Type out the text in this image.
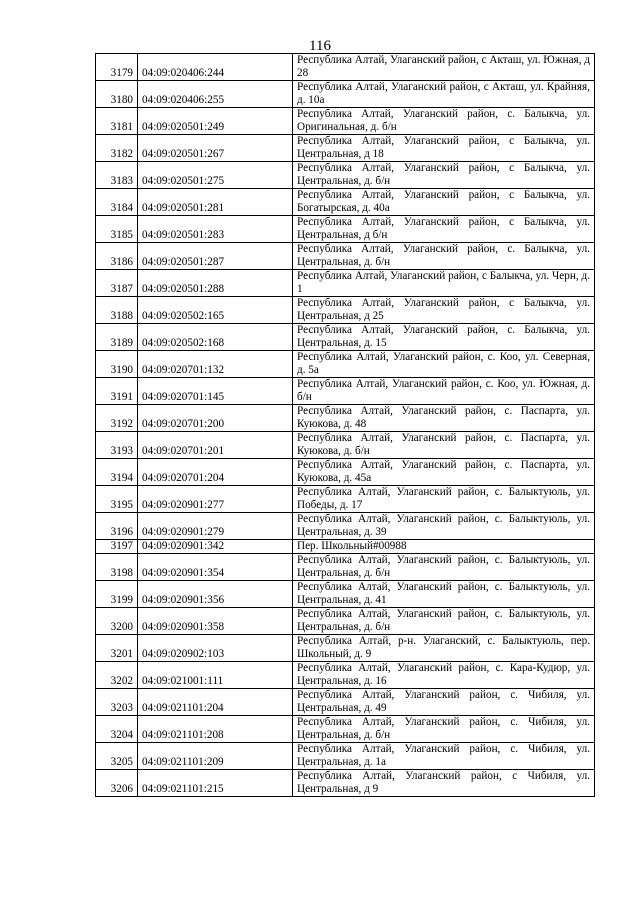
116
3179	04:09:020406:244	Республика Алтай, Улаганский район, с Акташ, ул. Южная, д 28
3180	04:09:020406:255	Республика Алтай, Улаганский район, с Акташ, ул. Крайняя, д. 10а
3181	04:09:020501:249	Республика Алтай, Улаганский район, с. Балыкча, ул. Оригинальная, д. б/н
3182	04:09:020501:267	Республика Алтай, Улаганский район, с Балыкча, ул. Центральная, д 18
3183	04:09:020501:275	Республика Алтай, Улаганский район, с Балыкча, ул. Центральная, д. б/н
3184	04:09:020501:281	Республика Алтай, Улаганский район, с Балыкча, ул. Богатырская, д. 40а
3185	04:09:020501:283	Республика Алтай, Улаганский район, с Балыкча, ул. Центральная, д б/н
3186	04:09:020501:287	Республика Алтай, Улаганский район, с. Балыкча, ул. Центральная, д. б/н
3187	04:09:020501:288	Республика Алтай, Улаганский район, с Балыкча, ул. Черн, д. 1
3188	04:09:020502:165	Республика Алтай, Улаганский район, с Балыкча, ул. Центральная, д 25
3189	04:09:020502:168	Республика Алтай, Улаганский район, с. Балыкча, ул. Центральная, д. 15
3190	04:09:020701:132	Республика Алтай, Улаганский район, с. Коо, ул. Северная, д. 5а
3191	04:09:020701:145	Республика Алтай, Улаганский район, с. Коо, ул. Южная, д. б/н
3192	04:09:020701:200	Республика Алтай, Улаганский район, с. Паспарта, ул. Куюкова, д. 48
3193	04:09:020701:201	Республика Алтай, Улаганский район, с. Паспарта, ул. Куюкова, д. б/н
3194	04:09:020701:204	Республика Алтай, Улаганский район, с. Паспарта, ул. Куюкова, д. 45а
3195	04:09:020901:277	Республика Алтай, Улаганский район, с. Балыктуюль, ул. Победы, д. 17
3196	04:09:020901:279	Республика Алтай, Улаганский район, с. Балыктуюль, ул. Центральная, д. 39
3197	04:09:020901:342	Пер. Школьный#00988
3198	04:09:020901:354	Республика Алтай, Улаганский район, с. Балыктуюль, ул. Центральная, д. б/н
3199	04:09:020901:356	Республика Алтай, Улаганский район, с. Балыктуюль, ул. Центральная, д. 41
3200	04:09:020901:358	Республика Алтай, Улаганский район, с. Балыктуюль, ул. Центральная, д. б/н
3201	04:09:020902:103	Республика Алтай, р-н. Улаганский, с. Балыктуюль, пер. Школьный, д. 9
3202	04:09:021001:111	Республика Алтай, Улаганский район, с. Кара-Кудюр, ул. Центральная, д. 16
3203	04:09:021101:204	Республика Алтай, Улаганский район, с. Чибиля, ул. Центральная, д. 49
3204	04:09:021101:208	Республика Алтай, Улаганский район, с. Чибиля, ул. Центральная, д. б/н
3205	04:09:021101:209	Республика Алтай, Улаганский район, с. Чибиля, ул. Центральная, д. 1а
3206	04:09:021101:215	Республика Алтай, Улаганский район, с Чибиля, ул. Центральная, д 9
